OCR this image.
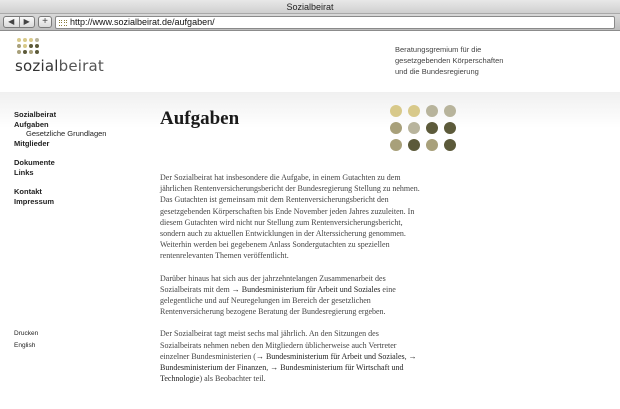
Sozialbeirat
◀	▶	+	http://www.sozialbeirat.de/aufgaben/
sozialbeirat
Beratungsgremium für die
gesetzgebenden Körperschaften
und die Bundesregierung
Sozialbeirat
Aufgaben
Gesetzliche Grundlagen
Mitglieder
Dokumente
Links
Kontakt
Impressum
Drucken
English
Aufgaben

Der Sozialbeirat hat insbesondere die Aufgabe, in einem Gutachten zu dem jährlichen Rentenversicherungsbericht der Bundesregierung Stellung zu nehmen. Das Gutachten ist gemeinsam mit dem Rentenversicherungsbericht den gesetzgebenden Körperschaften bis Ende November jeden Jahres zuzuleiten. In diesem Gutachten wird nicht nur Stellung zum Rentenversicherungsbericht, sondern auch zu aktuellen Entwicklungen in der Alterssicherung genommen. Weiterhin werden bei gegebenem Anlass Sondergutachten zu speziellen rentenrelevanten Themen veröffentlicht.

Darüber hinaus hat sich aus der jahrzehntelangen Zusammenarbeit des Sozialbeirats mit dem → Bundesministerium für Arbeit und Soziales eine gelegentliche und auf Neuregelungen im Bereich der gesetzlichen Rentenversicherung bezogene Beratung der Bundesregierung ergeben.

Der Sozialbeirat tagt meist sechs mal jährlich. An den Sitzungen des Sozialbeirats nehmen neben den Mitgliedern üblicherweise auch Vertreter einzelner Bundesministerien (→ Bundesministerium für Arbeit und Soziales, → Bundesministerium der Finanzen, → Bundesministerium für Wirtschaft und Technologie) als Beobachter teil.
